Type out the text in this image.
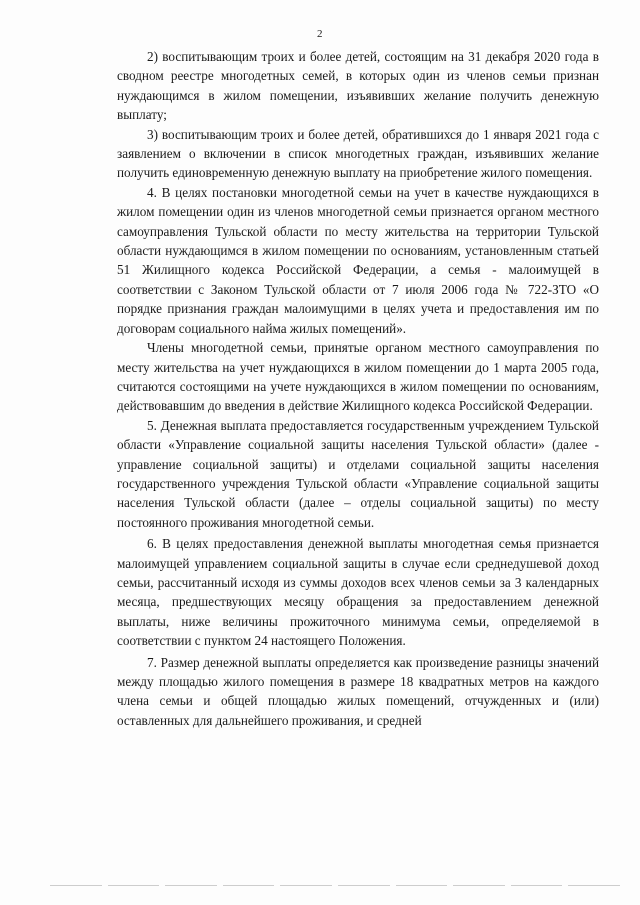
2

2) воспитывающим троих и более детей, состоящим на 31 декабря 2020 года в сводном реестре многодетных семей, в которых один из членов семьи признан нуждающимся в жилом помещении, изъявивших желание получить денежную выплату;

3) воспитывающим троих и более детей, обратившихся до 1 января 2021 года с заявлением о включении в список многодетных граждан, изъявивших желание получить единовременную денежную выплату на приобретение жилого помещения.

4. В целях постановки многодетной семьи на учет в качестве нуждающихся в жилом помещении один из членов многодетной семьи признается органом местного самоуправления Тульской области по месту жительства на территории Тульской области нуждающимся в жилом помещении по основаниям, установленным статьей 51 Жилищного кодекса Российской Федерации, а семья - малоимущей в соответствии с Законом Тульской области от 7 июля 2006 года № 722-ЗТО «О порядке признания граждан малоимущими в целях учета и предоставления им по договорам социального найма жилых помещений».

Члены многодетной семьи, принятые органом местного самоуправления по месту жительства на учет нуждающихся в жилом помещении до 1 марта 2005 года, считаются состоящими на учете нуждающихся в жилом помещении по основаниям, действовавшим до введения в действие Жилищного кодекса Российской Федерации.

5. Денежная выплата предоставляется государственным учреждением Тульской области «Управление социальной защиты населения Тульской области» (далее - управление социальной защиты) и отделами социальной защиты населения государственного учреждения Тульской области «Управление социальной защиты населения Тульской области (далее – отделы социальной защиты) по месту постоянного проживания многодетной семьи.

6. В целях предоставления денежной выплаты многодетная семья признается малоимущей управлением социальной защиты в случае если среднедушевой доход семьи, рассчитанный исходя из суммы доходов всех членов семьи за 3 календарных месяца, предшествующих месяцу обращения за предоставлением денежной выплаты, ниже величины прожиточного минимума семьи, определяемой в соответствии с пунктом 24 настоящего Положения.

7. Размер денежной выплаты определяется как произведение разницы значений между площадью жилого помещения в размере 18 квадратных метров на каждого члена семьи и общей площадью жилых помещений, отчужденных и (или) оставленных для дальнейшего проживания, и средней
